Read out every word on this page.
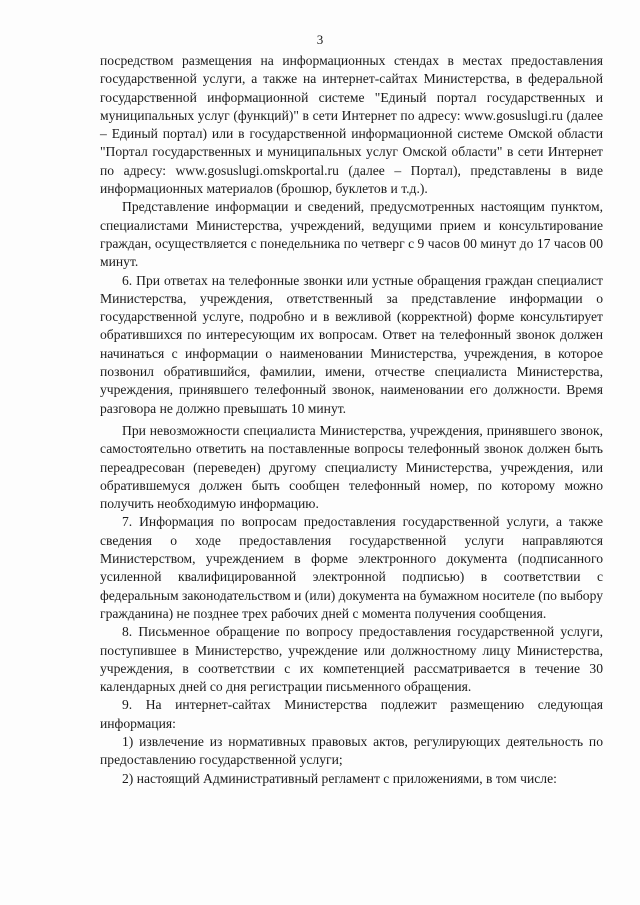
3

посредством размещения на информационных стендах в местах предоставления государственной услуги, а также на интернет-сайтах Министерства, в федеральной государственной информационной системе "Единый портал государственных и муниципальных услуг (функций)" в сети Интернет по адресу: www.gosuslugi.ru (далее – Единый портал) или в государственной информационной системе Омской области "Портал государственных и муниципальных услуг Омской области" в сети Интернет по адресу: www.gosuslugi.omskportal.ru (далее – Портал), представлены в виде информационных материалов (брошюр, буклетов и т.д.).

Представление информации и сведений, предусмотренных настоящим пунктом, специалистами Министерства, учреждений, ведущими прием и консультирование граждан, осуществляется с понедельника по четверг с 9 часов 00 минут до 17 часов 00 минут.

6. При ответах на телефонные звонки или устные обращения граждан специалист Министерства, учреждения, ответственный за представление информации о государственной услуге, подробно и в вежливой (корректной) форме консультирует обратившихся по интересующим их вопросам. Ответ на телефонный звонок должен начинаться с информации о наименовании Министерства, учреждения, в которое позвонил обратившийся, фамилии, имени, отчестве специалиста Министерства, учреждения, принявшего телефонный звонок, наименовании его должности. Время разговора не должно превышать 10 минут.

При невозможности специалиста Министерства, учреждения, принявшего звонок, самостоятельно ответить на поставленные вопросы телефонный звонок должен быть переадресован (переведен) другому специалисту Министерства, учреждения, или обратившемуся должен быть сообщен телефонный номер, по которому можно получить необходимую информацию.

7. Информация по вопросам предоставления государственной услуги, а также сведения о ходе предоставления государственной услуги направляются Министерством, учреждением в форме электронного документа (подписанного усиленной квалифицированной электронной подписью) в соответствии с федеральным законодательством и (или) документа на бумажном носителе (по выбору гражданина) не позднее трех рабочих дней с момента получения сообщения.

8. Письменное обращение по вопросу предоставления государственной услуги, поступившее в Министерство, учреждение или должностному лицу Министерства, учреждения, в соответствии с их компетенцией рассматривается в течение 30 календарных дней со дня регистрации письменного обращения.

9. На интернет-сайтах Министерства подлежит размещению следующая информация:

1) извлечение из нормативных правовых актов, регулирующих деятельность по предоставлению государственной услуги;

2) настоящий Административный регламент с приложениями, в том числе:
